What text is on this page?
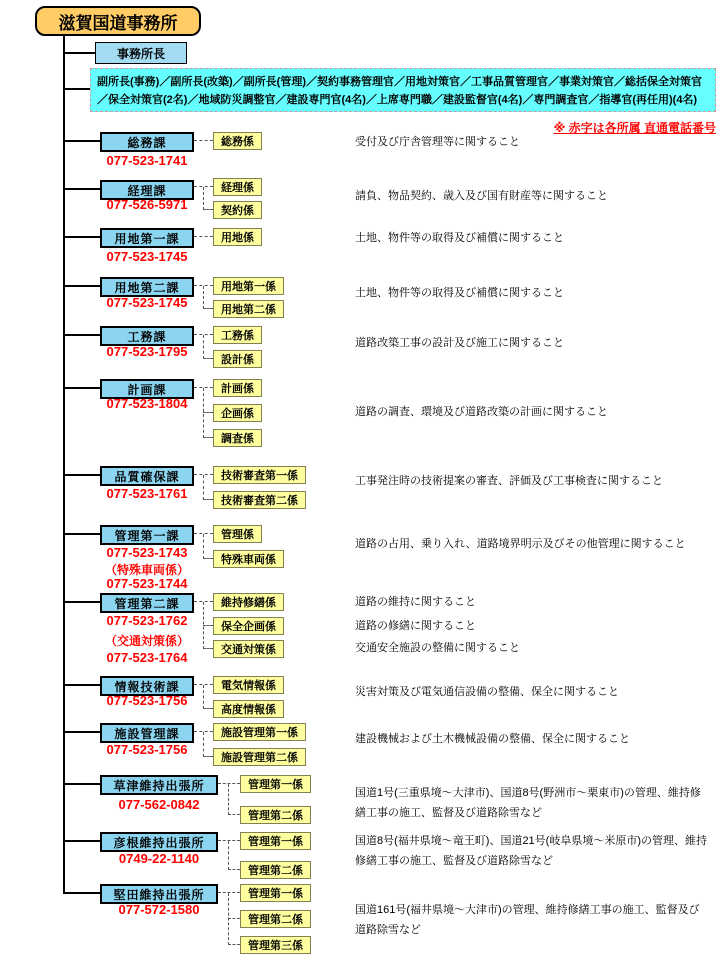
滋賀国道事務所
事務所長
副所長(事務)／副所長(改築)／副所長(管理)／契約事務管理官／用地対策官／工事品質管理官／事業対策官／総括保全対策官／保全対策官(2名)／地域防災調整官／建設専門官(4名)／上席専門職／建設監督官(4名)／専門調査官／指導官(再任用)(4名)
※ 赤字は各所属 直通電話番号
総務課
077-523-1741
総務係	受付及び庁舎管理等に関すること
経理課
077-526-5971
経理係
契約係
請負、物品契約、歳入及び国有財産等に関すること
用地第一課
077-523-1745
用地係	土地、物件等の取得及び補償に関すること
用地第二課
077-523-1745
用地第一係
用地第二係
土地、物件等の取得及び補償に関すること
工務課
077-523-1795
工務係
設計係
道路改築工事の設計及び施工に関すること
計画課
077-523-1804
計画係
企画係
調査係
道路の調査、環境及び道路改築の計画に関すること
品質確保課
077-523-1761
技術審査第一係
技術審査第二係
工事発注時の技術提案の審査、評価及び工事検査に関すること
管理第一課
077-523-1743
（特殊車両係）
077-523-1744
管理係
特殊車両係
道路の占用、乗り入れ、道路境界明示及びその他管理に関すること
管理第二課
077-523-1762
（交通対策係）
077-523-1764
維持修繕係
保全企画係
交通対策係
道路の維持に関すること
道路の修繕に関すること
交通安全施設の整備に関すること
情報技術課
077-523-1756
電気情報係
高度情報係
災害対策及び電気通信設備の整備、保全に関すること
施設管理課
077-523-1756
施設管理第一係
施設管理第二係
建設機械および土木機械設備の整備、保全に関すること
草津維持出張所
077-562-0842
管理第一係
管理第二係
国道1号(三重県境～大津市)、国道8号(野洲市～栗東市)の管理、維持修繕工事の施工、監督及び道路除雪など
彦根維持出張所
0749-22-1140
管理第一係
管理第二係
国道8号(福井県境～竜王町)、国道21号(岐阜県境～米原市)の管理、維持修繕工事の施工、監督及び道路除雪など
堅田維持出張所
077-572-1580
管理第一係
管理第二係
管理第三係
国道161号(福井県境～大津市)の管理、維持修繕工事の施工、監督及び道路除雪など
